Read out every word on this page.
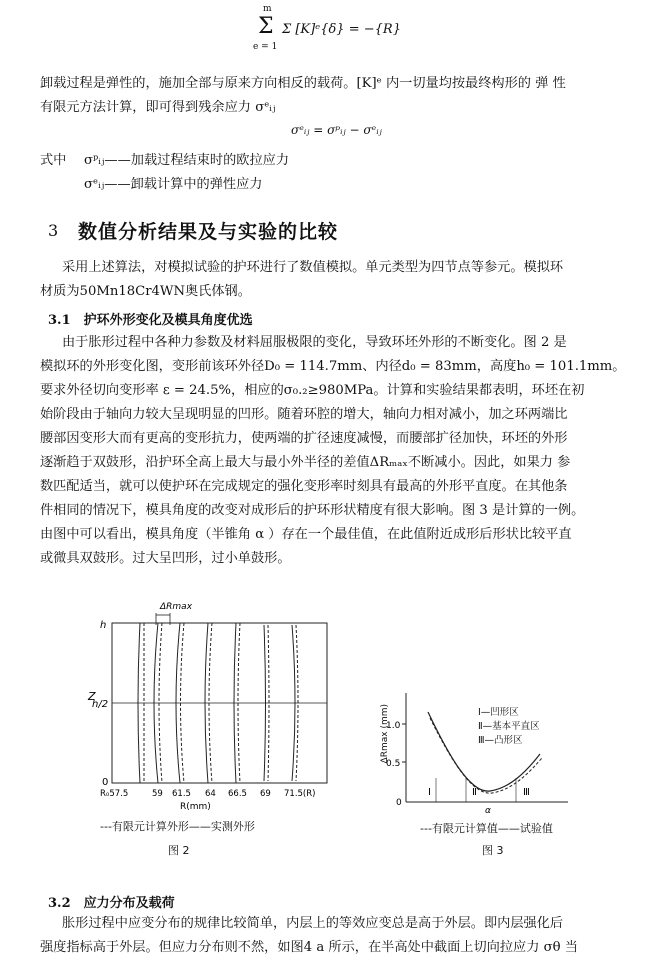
m
Σ Σ [K]ᵉ{δ} = −{R}
e = 1
卸载过程是弹性的，施加全部与原来方向相反的载荷。[K]ᵉ 内一切量均按最终构形的 弹 性
有限元方法计算，即可得到残余应力 σᵉᵢⱼ
σᵉᵢⱼ = σᵖᵢⱼ − σᵉᵢⱼ
式中 σᵖᵢⱼ——加载过程结束时的欧拉应力
σᵉᵢⱼ——卸载计算中的弹性应力
3 数值分析结果及与实验的比较
采用上述算法，对模拟试验的护环进行了数值模拟。单元类型为四节点等参元。模拟环
材质为50Mn18Cr4WN奥氏体钢。
3.1　护环外形变化及模具角度优选
由于胀形过程中各种力参数及材料屈服极限的变化，导致环坯外形的不断变化。图 2 是
模拟环的外形变化图，变形前该环外径D₀ = 114.7mm、内径d₀ = 83mm，高度h₀ = 101.1mm。
要求外径切向变形率 ε = 24.5%，相应的σ₀.₂≥980MPa。计算和实验结果都表明，环坯在初
始阶段由于轴向力较大呈现明显的凹形。随着环腔的增大，轴向力相对减小，加之环两端比
腰部因变形大而有更高的变形抗力，使两端的扩径速度减慢，而腰部扩径加快，环坯的外形
逐渐趋于双鼓形，沿护环全高上最大与最小外半径的差值ΔRₘₐₓ不断减小。因此，如果力 参
数匹配适当，就可以使护环在完成规定的强化变形率时刻具有最高的外形平直度。在其他条
件相同的情况下，模具角度的改变对成形后的护环形状精度有很大影响。图 3 是计算的一例。
由图中可以看出，模具角度（半锥角 α ）存在一个最佳值，在此值附近成形后形状比较平直
或微具双鼓形。过大呈凹形，过小单鼓形。
ΔRmax
Z
h
h/2
0
R₀57.5	59 61.5 64 66.5 69 71.5(R)
R(mm)
---有限元计算外形——实测外形
图 2
1.0
0.5
0
Ⅰ	Ⅱ	Ⅲ
α
ΔRmax (mm)	Ⅰ—凹形区
Ⅱ—基本平直区
Ⅲ—凸形区
---有限元计算值——试验值
图 3
3.2　应力分布及载荷
胀形过程中应变分布的规律比较简单，内层上的等效应变总是高于外层。即内层强化后
强度指标高于外层。但应力分布则不然，如图4 a 所示，在半高处中截面上切向拉应力 σθ 当
